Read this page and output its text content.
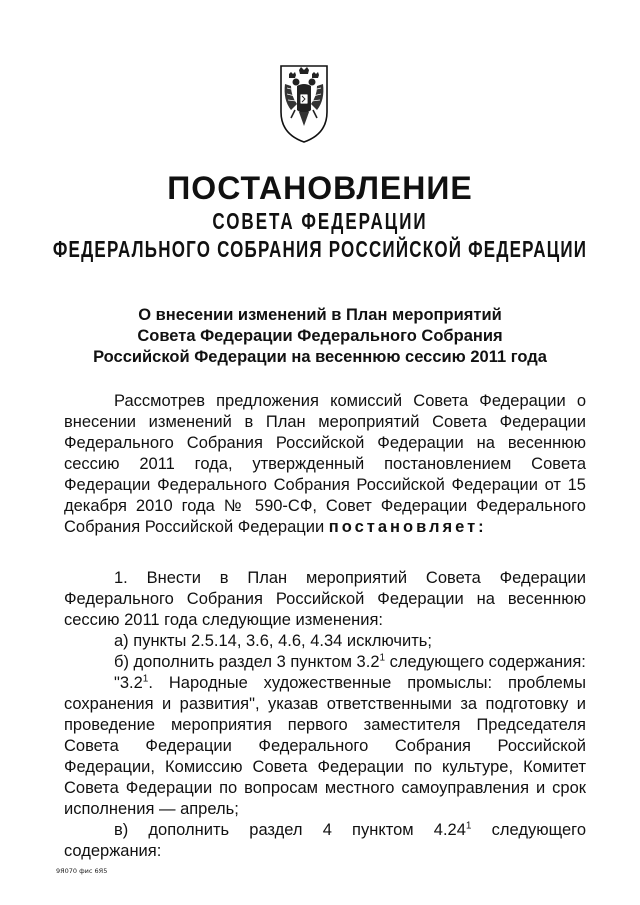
ПОСТАНОВЛЕНИЕ
СОВЕТА ФЕДЕРАЦИИ
ФЕДЕРАЛЬНОГО СОБРАНИЯ РОССИЙСКОЙ ФЕДЕРАЦИИ
О внесении изменений в План мероприятий
Совета Федерации Федерального Собрания
Российской Федерации на весеннюю сессию 2011 года

Рассмотрев предложения комиссий Совета Федерации о внесении изменений в План мероприятий Совета Федерации Федерального Собрания Российской Федерации на весеннюю сессию 2011 года, утвержденный постановлением Совета Федерации Федерального Собрания Российской Федерации от 15 декабря 2010 года № 590-СФ, Совет Федерации Федерального Собрания Российской Федерации постановляет:

1. Внести в План мероприятий Совета Федерации Федерального Собрания Российской Федерации на весеннюю сессию 2011 года следующие изменения:

а) пункты 2.5.14, 3.6, 4.6, 4.34 исключить;

б) дополнить раздел 3 пунктом $3.2^1$ следующего содержания:

"$3.2^1$. Народные художественные промыслы: проблемы сохранения и развития", указав ответственными за подготовку и проведение мероприятия первого заместителя Председателя Совета Федерации Федерального Собрания Российской Федерации, Комиссию Совета Федерации по культуре, Комитет Совета Федерации по вопросам местного самоуправления и срок исполнения — апрель;

в) дополнить раздел 4 пунктом 4.24$^1$ следующего содержания:

9Я070 фис 6Я5
